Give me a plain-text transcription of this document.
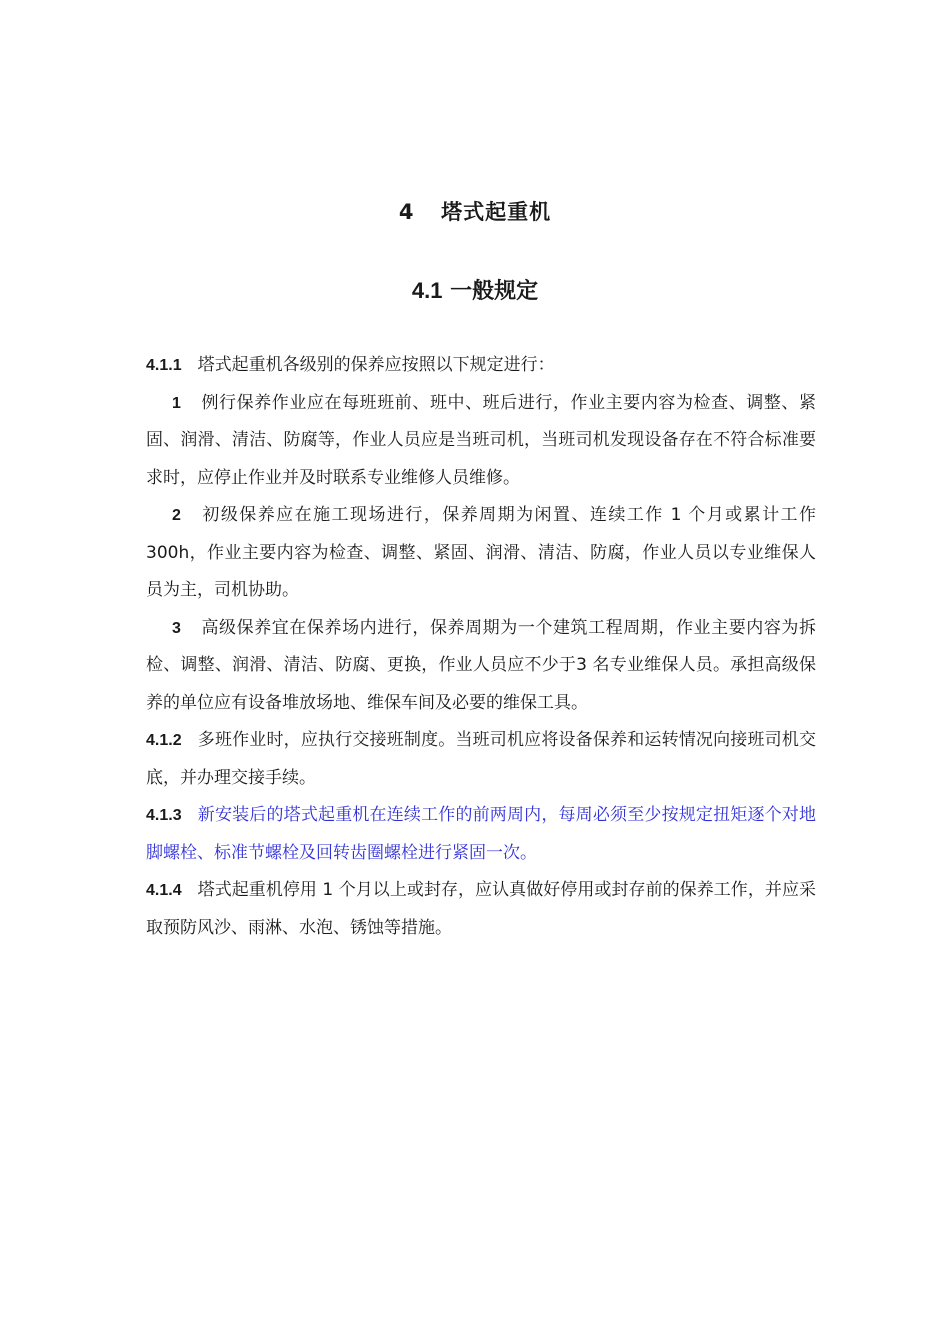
4 塔式起重机
4.1 一般规定

4.1.1 塔式起重机各级别的保养应按照以下规定进行：

1 例行保养作业应在每班班前、班中、班后进行，作业主要内容为检查、调整、紧固、润滑、清洁、防腐等，作业人员应是当班司机，当班司机发现设备存在不符合标准要求时，应停止作业并及时联系专业维修人员维修。

2 初级保养应在施工现场进行，保养周期为闲置、连续工作 1 个月或累计工作 300h，作业主要内容为检查、调整、紧固、润滑、清洁、防腐，作业人员以专业维保人员为主，司机协助。

3 高级保养宜在保养场内进行，保养周期为一个建筑工程周期，作业主要内容为拆检、调整、润滑、清洁、防腐、更换，作业人员应不少于3 名专业维保人员。承担高级保养的单位应有设备堆放场地、维保车间及必要的维保工具。

4.1.2 多班作业时，应执行交接班制度。当班司机应将设备保养和运转情况向接班司机交底，并办理交接手续。

4.1.3 新安装后的塔式起重机在连续工作的前两周内，每周必须至少按规定扭矩逐个对地脚螺栓、标准节螺栓及回转齿圈螺栓进行紧固一次。

4.1.4 塔式起重机停用 1 个月以上或封存，应认真做好停用或封存前的保养工作，并应采取预防风沙、雨淋、水泡、锈蚀等措施。
